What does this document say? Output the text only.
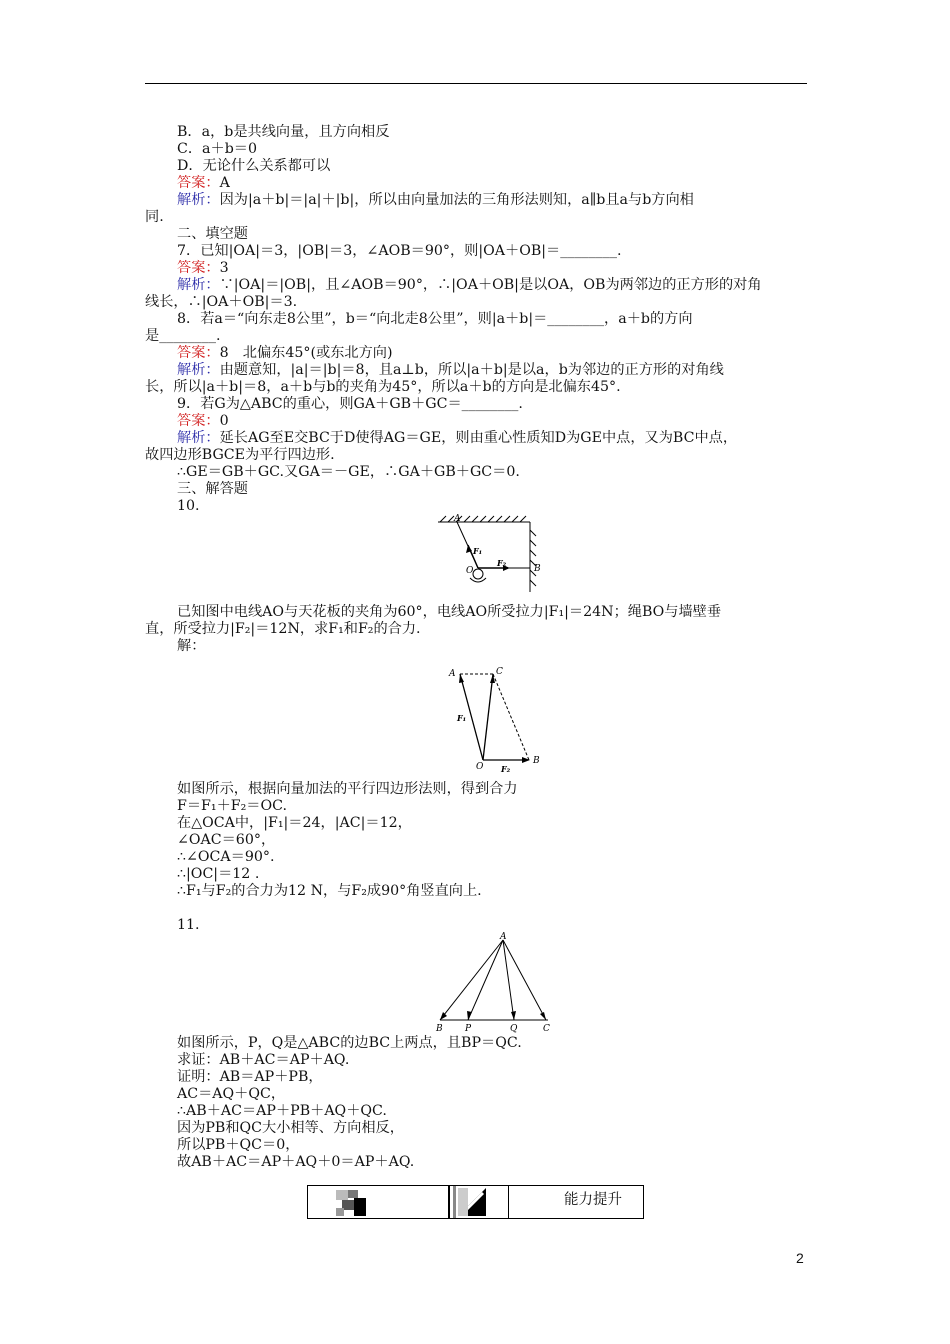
B．a，b是共线向量，且方向相反
C．a＋b＝0
D．无论什么关系都可以
答案：A
解析：因为|a＋b|＝|a|＋|b|，所以由向量加法的三角形法则知，a∥b且a与b方向相
同.
二、填空题
7．已知|OA|＝3，|OB|＝3，∠AOB＝90°，则|OA＋OB|＝________.
答案：3
解析：∵|OA|＝|OB|，且∠AOB＝90°，∴|OA＋OB|是以OA，OB为两邻边的正方形的对角
线长，∴|OA＋OB|＝3.
8．若a＝“向东走8公里”，b＝“向北走8公里”，则|a＋b|＝________，a＋b的方向
是________.
答案：8　北偏东45°(或东北方向)
解析：由题意知，|a|＝|b|＝8，且a⊥b，所以|a＋b|是以a，b为邻边的正方形的对角线
长，所以|a＋b|＝8，a＋b与b的夹角为45°，所以a＋b的方向是北偏东45°.
9．若G为△ABC的重心，则GA＋GB＋GC＝________.
答案：0
解析：延长AG至E交BC于D使得AG＝GE，则由重心性质知D为GE中点，又为BC中点，
故四边形BGCE为平行四边形.
∴GE＝GB＋GC.又GA＝－GE，∴GA＋GB＋GC＝0.
三、解答题
10.
A
B
O
F₁
F₂
已知图中电线AO与天花板的夹角为60°，电线AO所受拉力|F₁|＝24N；绳BO与墙壁垂
直，所受拉力|F₂|＝12N，求F₁和F₂的合力.
解：
A	C
O
B
F₁
F₂
如图所示，根据向量加法的平行四边形法则，得到合力
F＝F₁＋F₂＝OC.
在△OCA中，|F₁|＝24，|AC|＝12，
∠OAC＝60°，
∴∠OCA＝90°.
∴|OC|＝12 .
∴F₁与F₂的合力为12 N，与F₂成90°角竖直向上.
11.
A
B P	Q	C
如图所示，P，Q是△ABC的边BC上两点，且BP＝QC.
求证：AB＋AC＝AP＋AQ.
证明：AB＝AP＋PB，
AC＝AQ＋QC，
∴AB＋AC＝AP＋PB＋AQ＋QC.
因为PB和QC大小相等、方向相反，
所以PB＋QC＝0，
故AB＋AC＝AP＋AQ＋0＝AP＋AQ.
能力提升
2
